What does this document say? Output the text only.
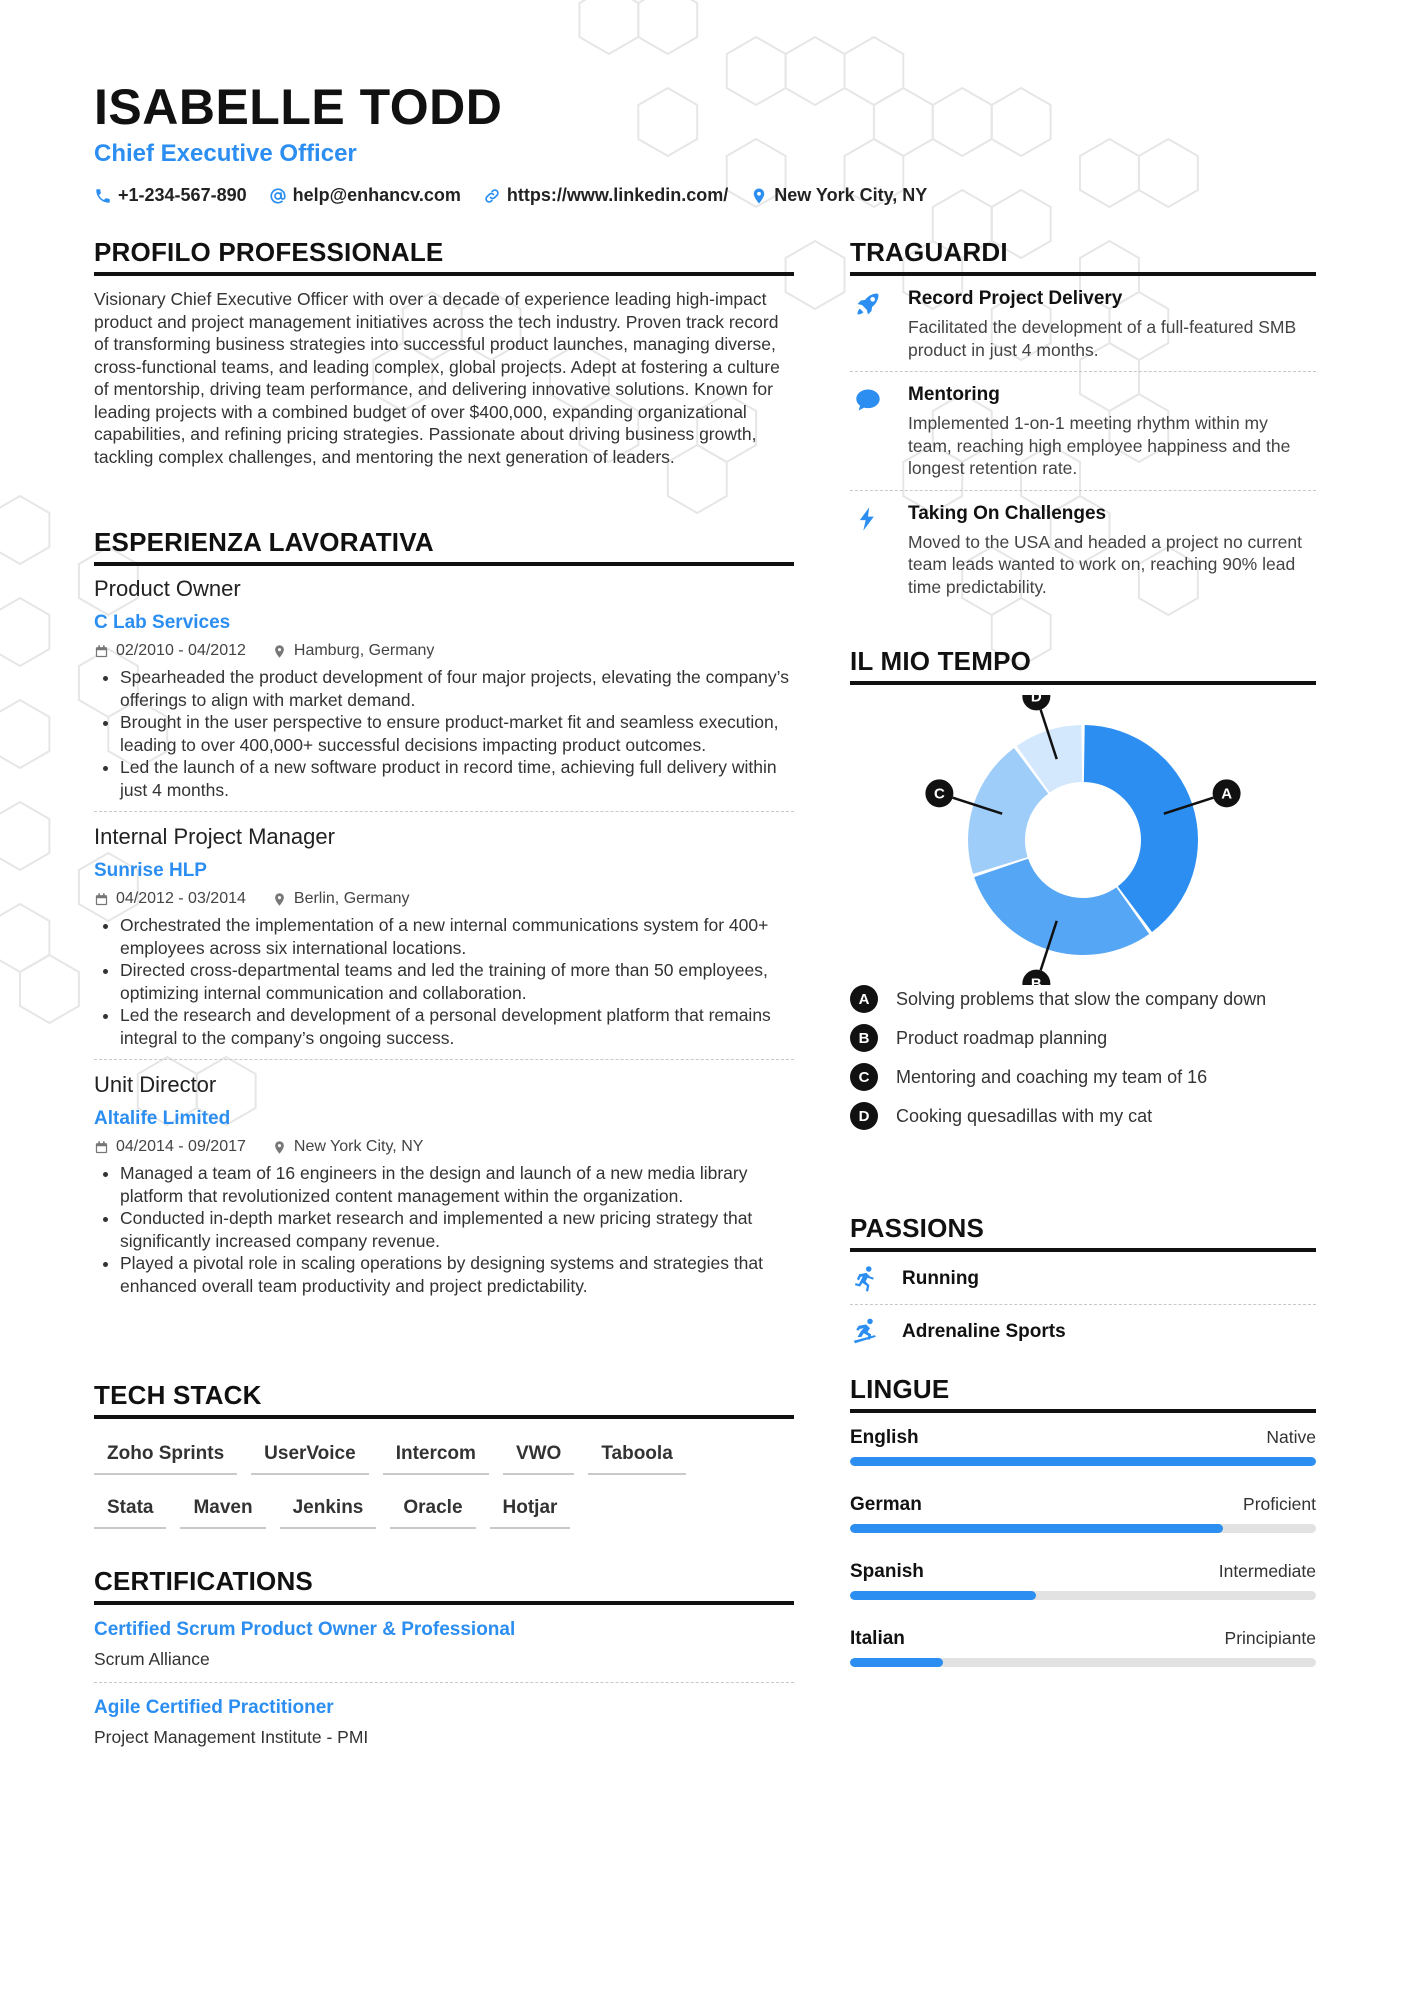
ISABELLE TODD
Chief Executive Officer
+1-234-567-890	help@enhancv.com	https://www.linkedin.com/	New York City, NY
PROFILO PROFESSIONALE
Visionary Chief Executive Officer with over a decade of experience leading high-impact product and project management initiatives across the tech industry. Proven track record of transforming business strategies into successful product launches, managing diverse, cross-functional teams, and leading complex, global projects. Adept at fostering a culture of mentorship, driving team performance, and delivering innovative solutions. Known for leading projects with a combined budget of over $400,000, expanding organizational capabilities, and refining pricing strategies. Passionate about driving business growth, tackling complex challenges, and mentoring the next generation of leaders.
ESPERIENZA LAVORATIVA
Product Owner
C Lab Services
02/2010 - 04/2012	Hamburg, Germany
• Spearheaded the product development of four major projects, elevating the company’s offerings to align with market demand.
• Brought in the user perspective to ensure product-market fit and seamless execution, leading to over 400,000+ successful decisions impacting product outcomes.
• Led the launch of a new software product in record time, achieving full delivery within just 4 months.
Internal Project Manager
Sunrise HLP
04/2012 - 03/2014	Berlin, Germany
• Orchestrated the implementation of a new internal communications system for 400+ employees across six international locations.
• Directed cross-departmental teams and led the training of more than 50 employees, optimizing internal communication and collaboration.
• Led the research and development of a personal development platform that remains integral to the company’s ongoing success.
Unit Director
Altalife Limited
04/2014 - 09/2017	New York City, NY
• Managed a team of 16 engineers in the design and launch of a new media library platform that revolutionized content management within the organization.
• Conducted in-depth market research and implemented a new pricing strategy that significantly increased company revenue.
• Played a pivotal role in scaling operations by designing systems and strategies that enhanced overall team productivity and project predictability.
TECH STACK
Zoho Sprints	UserVoice	Intercom	VWO	Taboola
Stata	Maven	Jenkins	Oracle	Hotjar
CERTIFICATIONS
Certified Scrum Product Owner & Professional
Scrum Alliance
Agile Certified Practitioner
Project Management Institute - PMI
TRAGUARDI
Record Project Delivery
Facilitated the development of a full-featured SMB product in just 4 months.
Mentoring
Implemented 1-on-1 meeting rhythm within my team, reaching high employee happiness and the longest retention rate.
Taking On Challenges
Moved to the USA and headed a project no current team leads wanted to work on, reaching 90% lead time predictability.
IL MIO TEMPO
A
B
C
D
A	Solving problems that slow the company down
B	Product roadmap planning
C	Mentoring and coaching my team of 16
D	Cooking quesadillas with my cat
PASSIONS
Running
Adrenaline Sports
LINGUE
English	Native
German	Proficient
Spanish	Intermediate
Italian	Principiante
